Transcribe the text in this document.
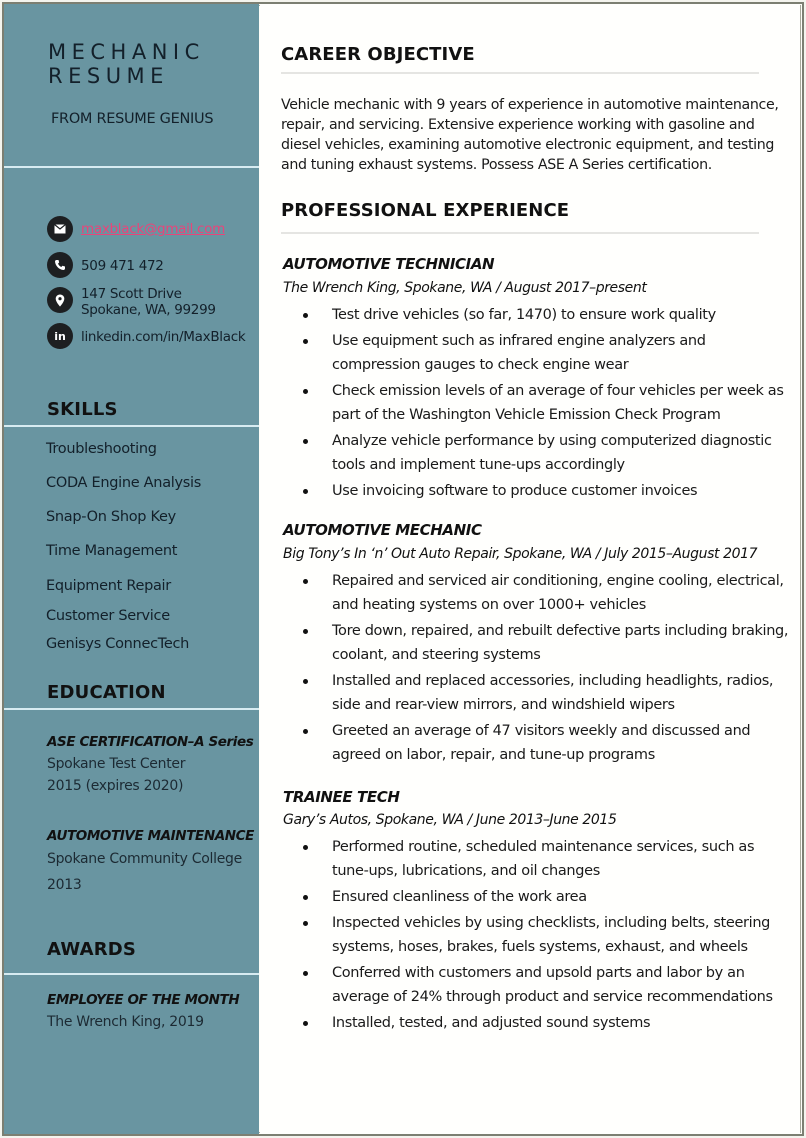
MECHANIC
RESUME
FROM RESUME GENIUS
maxblack@gmail.com
509 471 472
147 Scott Drive
Spokane, WA, 99299
in linkedin.com/in/MaxBlack
SKILLS
Troubleshooting
CODA Engine Analysis
Snap-On Shop Key
Time Management
Equipment Repair
Customer Service
Genisys ConnecTech
EDUCATION
ASE CERTIFICATION–A Series
Spokane Test Center
2015 (expires 2020)
AUTOMOTIVE MAINTENANCE
Spokane Community College
2013
AWARDS
EMPLOYEE OF THE MONTH
The Wrench King, 2019
CAREER OBJECTIVE

Vehicle mechanic with 9 years of experience in automotive maintenance, repair, and servicing. Extensive experience working with gasoline and diesel vehicles, examining automotive electronic equipment, and testing and tuning exhaust systems. Possess ASE A Series certification.

PROFESSIONAL EXPERIENCE
AUTOMOTIVE TECHNICIAN
The Wrench King, Spokane, WA / August 2017–present
Test drive vehicles (so far, 1470) to ensure work quality
Use equipment such as infrared engine analyzers and compression gauges to check engine wear
Check emission levels of an average of four vehicles per week as part of the Washington Vehicle Emission Check Program
Analyze vehicle performance by using computerized diagnostic tools and implement tune-ups accordingly
Use invoicing software to produce customer invoices
AUTOMOTIVE MECHANIC
Big Tony’s In ‘n’ Out Auto Repair, Spokane, WA / July 2015–August 2017
Repaired and serviced air conditioning, engine cooling, electrical, and heating systems on over 1000+ vehicles
Tore down, repaired, and rebuilt defective parts including braking, coolant, and steering systems
Installed and replaced accessories, including headlights, radios, side and rear-view mirrors, and windshield wipers
Greeted an average of 47 visitors weekly and discussed and agreed on labor, repair, and tune-up programs
TRAINEE TECH
Gary’s Autos, Spokane, WA / June 2013–June 2015
Performed routine, scheduled maintenance services, such as tune-ups, lubrications, and oil changes
Ensured cleanliness of the work area
Inspected vehicles by using checklists, including belts, steering systems, hoses, brakes, fuels systems, exhaust, and wheels
Conferred with customers and upsold parts and labor by an average of 24% through product and service recommendations
Installed, tested, and adjusted sound systems
